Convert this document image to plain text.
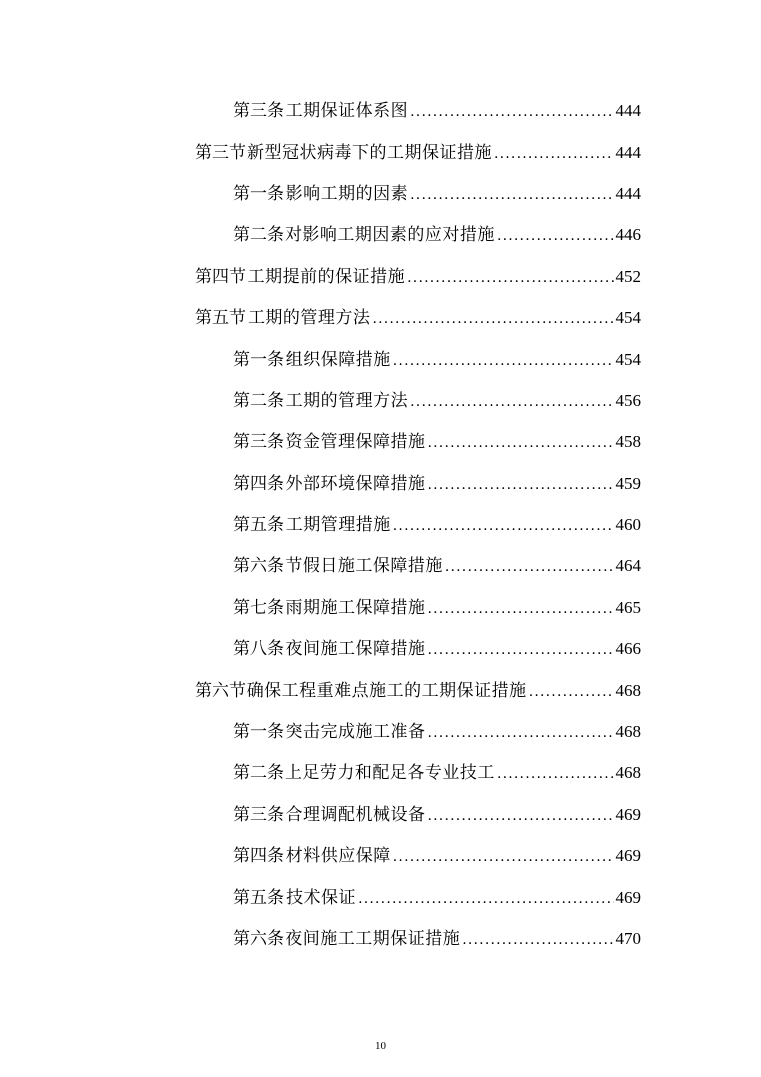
第三条 工期保证体系图 .....	444
第三节 新型冠状病毒下的工期保证措施 .....	444
第一条 影响工期的因素 .....	444
第二条 对影响工期因素的应对措施 .....	446
第四节 工期提前的保证措施 .....	452
第五节 工期的管理方法 .....	454
第一条 组织保障措施 .....	454
第二条 工期的管理方法 .....	456
第三条 资金管理保障措施 .....	458
第四条 外部环境保障措施 .....	459
第五条 工期管理措施 .....	460
第六条 节假日施工保障措施 .....	464
第七条 雨期施工保障措施 .....	465
第八条 夜间施工保障措施 .....	466
第六节 确保工程重难点施工的工期保证措施 .....	468
第一条 突击完成施工准备 .....	468
第二条 上足劳力和配足各专业技工 .....	468
第三条 合理调配机械设备 .....	469
第四条 材料供应保障 .....	469
第五条 技术保证 .....	469
第六条 夜间施工工期保证措施 .....	470
10
